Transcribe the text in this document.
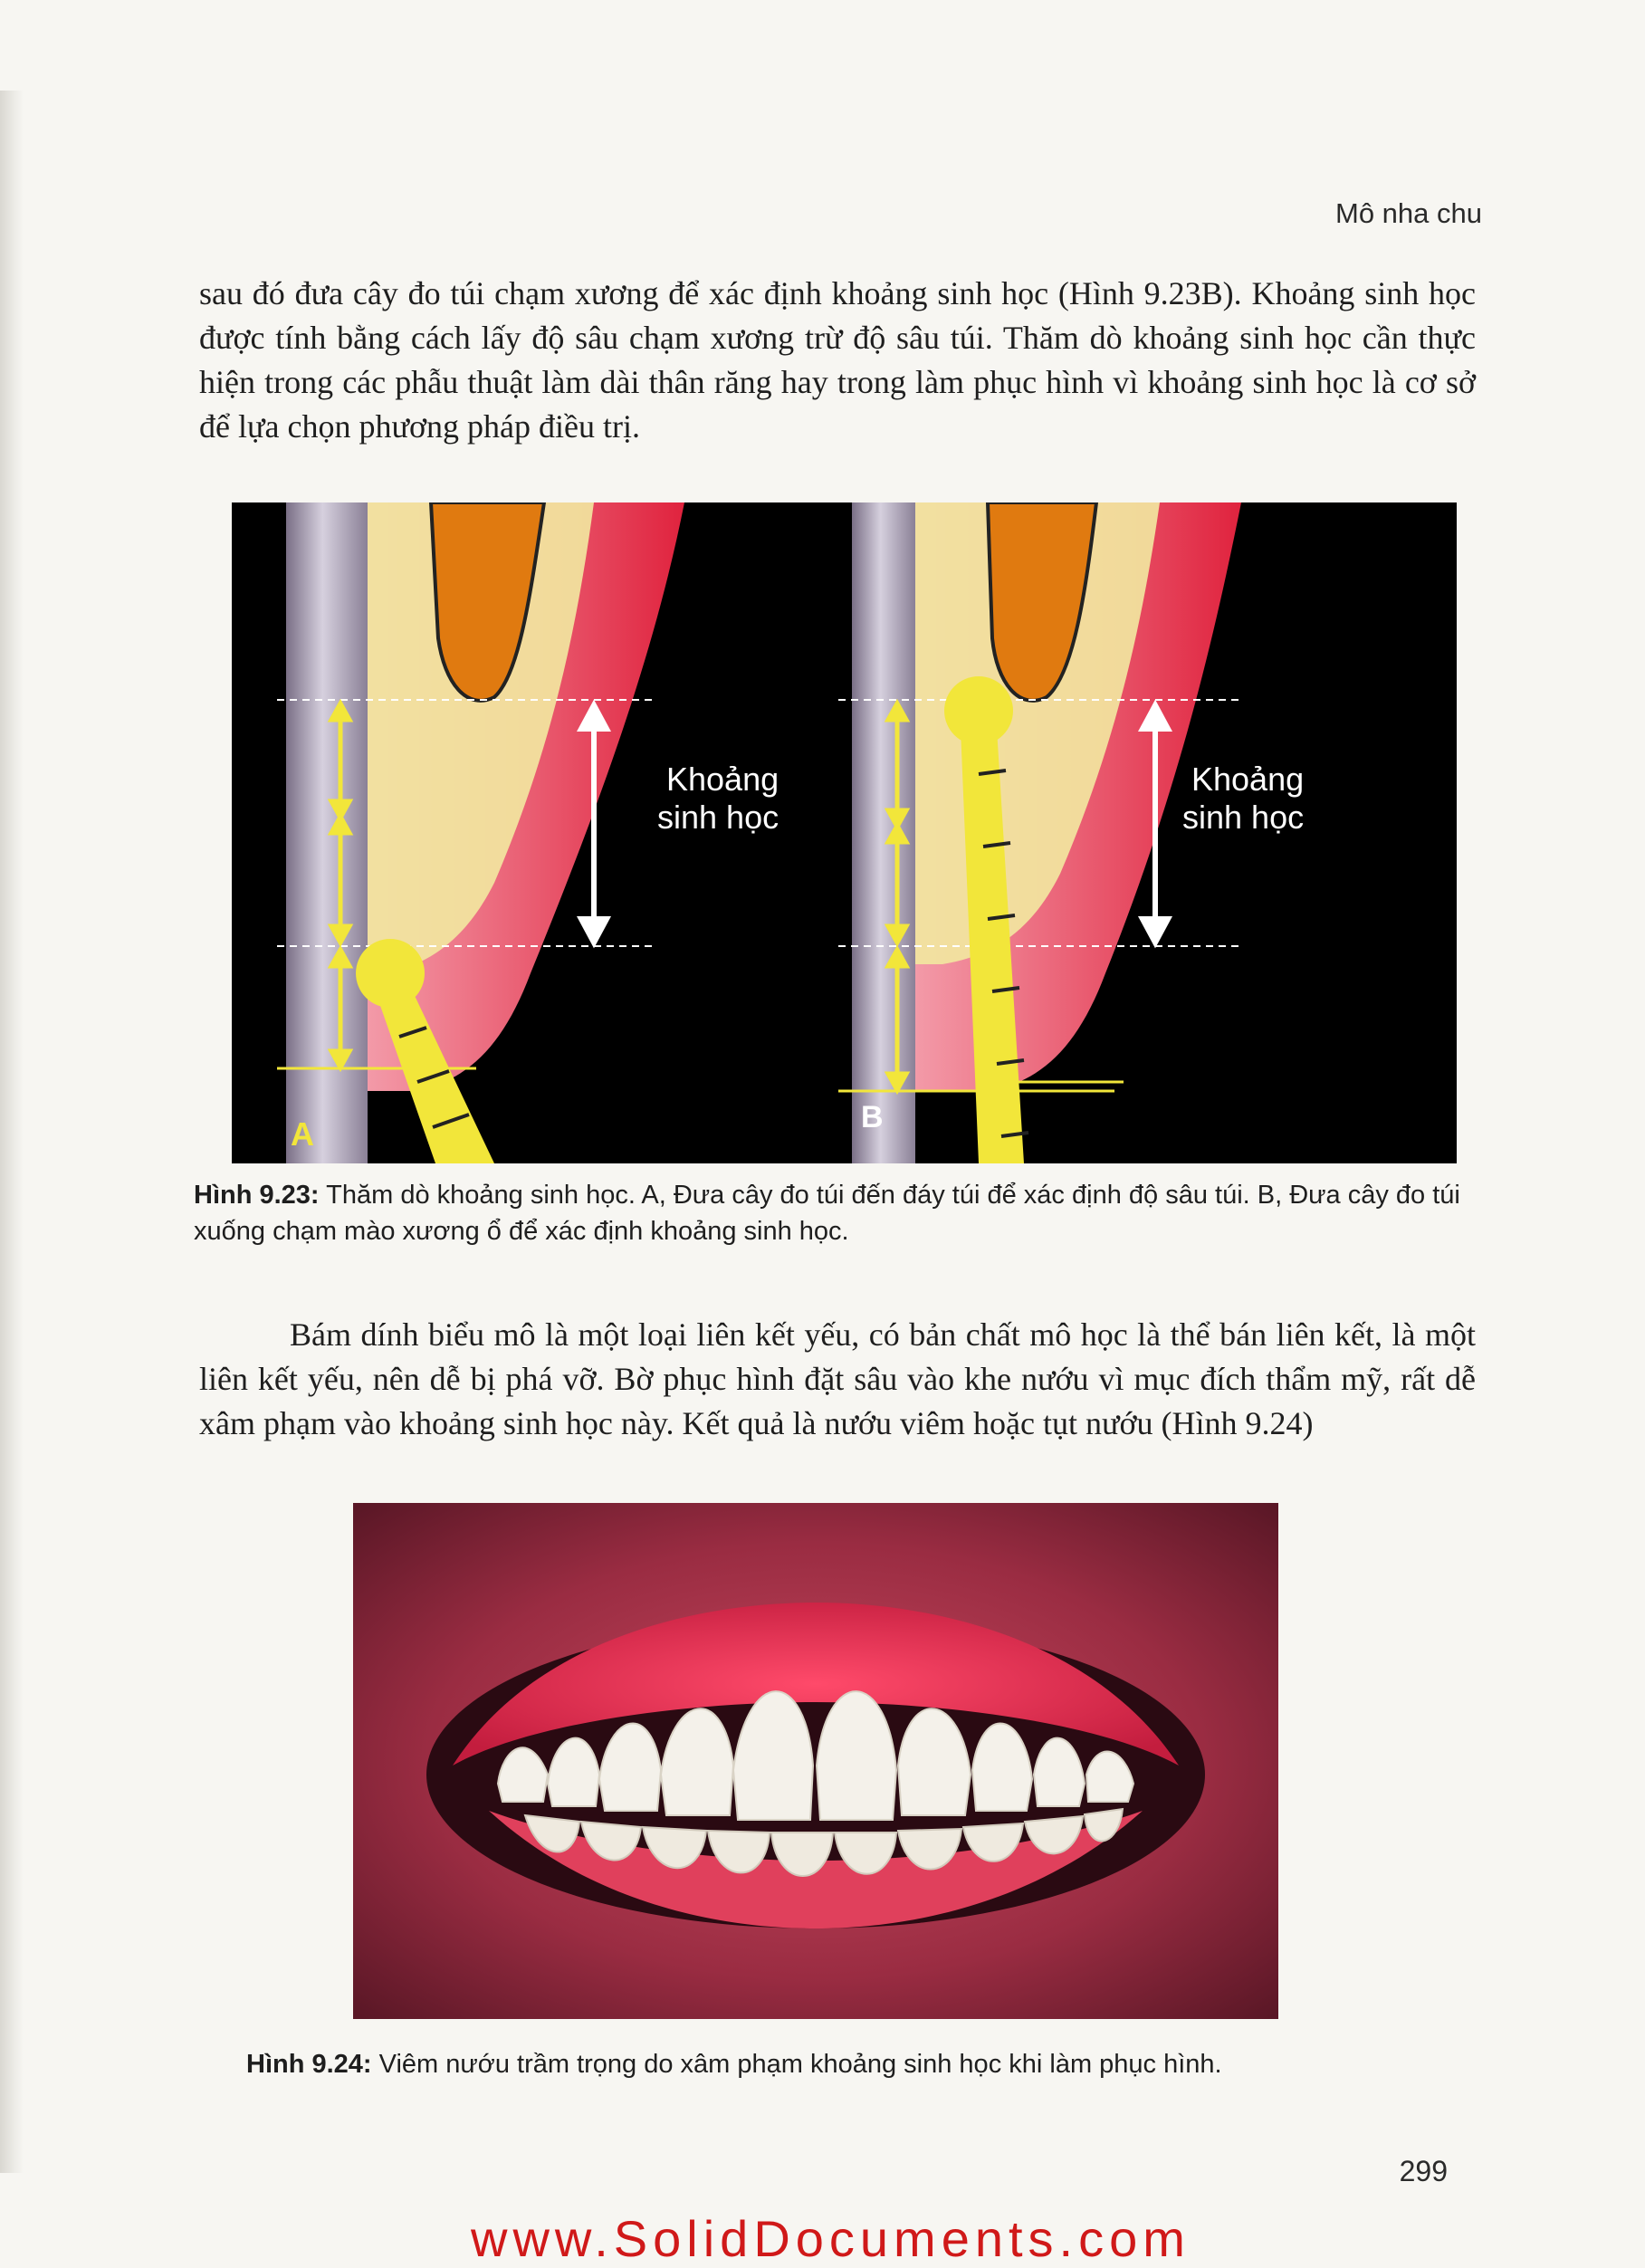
Mô nha chu

sau đó đưa cây đo túi chạm xương để xác định khoảng sinh học (Hình 9.23B). Khoảng sinh học được tính bằng cách lấy độ sâu chạm xương trừ độ sâu túi. Thăm dò khoảng sinh học cần thực hiện trong các phẫu thuật làm dài thân răng hay trong làm phục hình vì khoảng sinh học là cơ sở để lựa chọn phương pháp điều trị.

Khoảng
sinh học
A
Khoảng
sinh học
B

Hình 9.23: Thăm dò khoảng sinh học. A, Đưa cây đo túi đến đáy túi để xác định độ sâu túi. B, Đưa cây đo túi xuống chạm mào xương ổ để xác định khoảng sinh học.

Bám dính biểu mô là một loại liên kết yếu, có bản chất mô học là thể bán liên kết, là một liên kết yếu, nên dễ bị phá vỡ. Bờ phục hình đặt sâu vào khe nướu vì mục đích thẩm mỹ, rất dễ xâm phạm vào khoảng sinh học này. Kết quả là nướu viêm hoặc tụt nướu (Hình 9.24)

Hình 9.24: Viêm nướu trầm trọng do xâm phạm khoảng sinh học khi làm phục hình.

299
www.SolidDocuments.com
